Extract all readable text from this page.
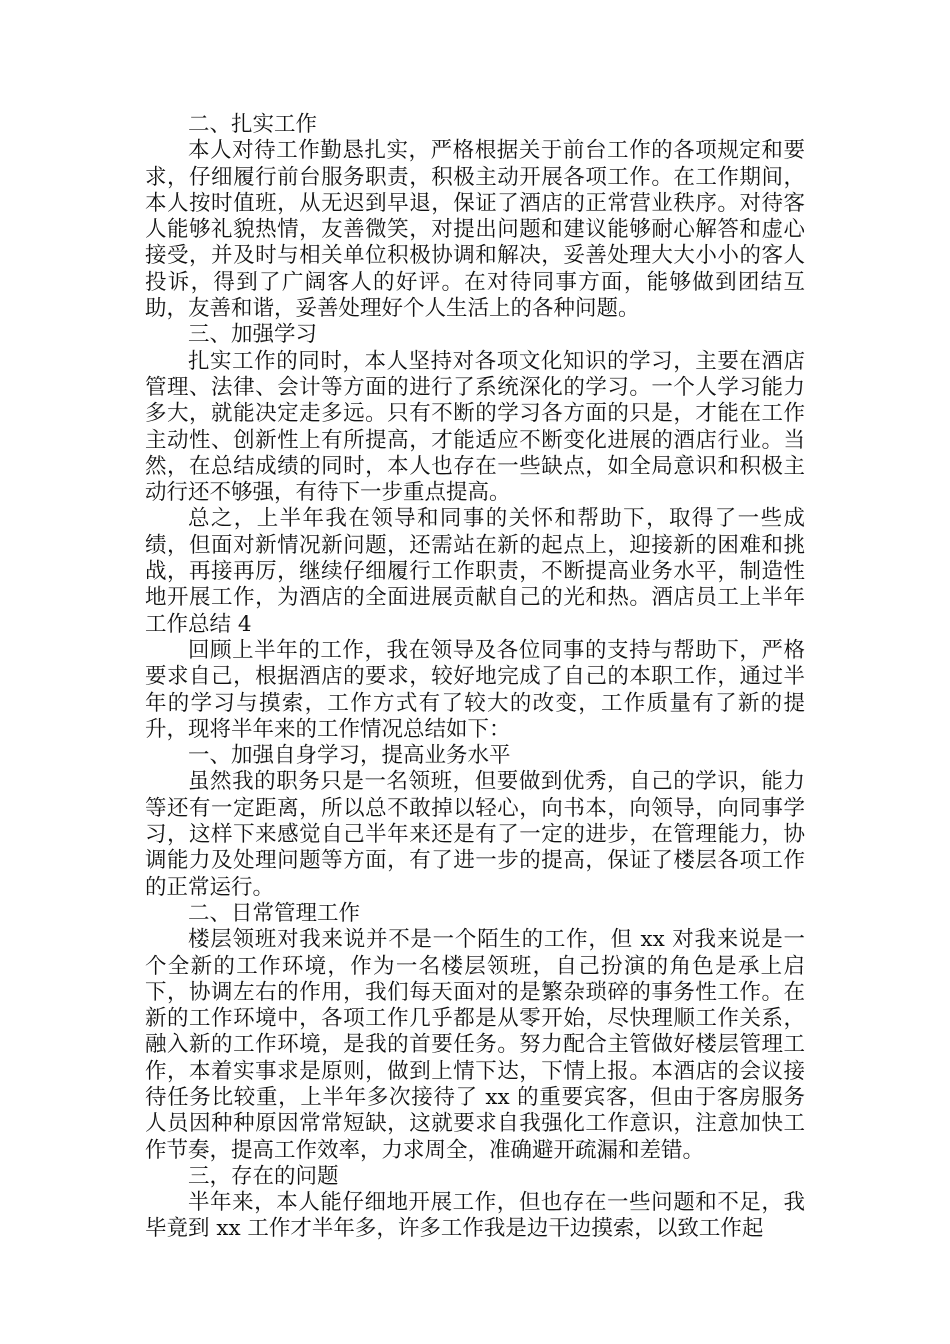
二、扎实工作

本人对待工作勤恳扎实，严格根据关于前台工作的各项规定和要求，仔细履行前台服务职责，积极主动开展各项工作。在工作期间，本人按时值班，从无迟到早退，保证了酒店的正常营业秩序。对待客人能够礼貌热情，友善微笑，对提出问题和建议能够耐心解答和虚心接受，并及时与相关单位积极协调和解决，妥善处理大大小小的客人投诉，得到了广阔客人的好评。在对待同事方面，能够做到团结互助，友善和谐，妥善处理好个人生活上的各种问题。

三、加强学习

扎实工作的同时，本人坚持对各项文化知识的学习，主要在酒店管理、法律、会计等方面的进行了系统深化的学习。一个人学习能力多大，就能决定走多远。只有不断的学习各方面的只是，才能在工作主动性、创新性上有所提高，才能适应不断变化进展的酒店行业。当然，在总结成绩的同时，本人也存在一些缺点，如全局意识和积极主动行还不够强，有待下一步重点提高。

总之，上半年我在领导和同事的关怀和帮助下，取得了一些成绩，但面对新情况新问题，还需站在新的起点上，迎接新的困难和挑战，再接再厉，继续仔细履行工作职责，不断提高业务水平，制造性地开展工作，为酒店的全面进展贡献自己的光和热。酒店员工上半年工作总结 4

回顾上半年的工作，我在领导及各位同事的支持与帮助下，严格要求自己，根据酒店的要求，较好地完成了自己的本职工作，通过半年的学习与摸索，工作方式有了较大的改变，工作质量有了新的提升，现将半年来的工作情况总结如下：

一、加强自身学习，提高业务水平

虽然我的职务只是一名领班，但要做到优秀，自己的学识，能力等还有一定距离，所以总不敢掉以轻心，向书本，向领导，向同事学习，这样下来感觉自己半年来还是有了一定的进步，在管理能力，协调能力及处理问题等方面，有了进一步的提高，保证了楼层各项工作的正常运行。

二、日常管理工作

楼层领班对我来说并不是一个陌生的工作，但 xx 对我来说是一个全新的工作环境，作为一名楼层领班，自己扮演的角色是承上启下，协调左右的作用，我们每天面对的是繁杂琐碎的事务性工作。在新的工作环境中，各项工作几乎都是从零开始，尽快理顺工作关系，融入新的工作环境，是我的首要任务。努力配合主管做好楼层管理工作，本着实事求是原则，做到上情下达，下情上报。本酒店的会议接待任务比较重，上半年多次接待了 xx 的重要宾客，但由于客房服务人员因种种原因常常短缺，这就要求自我强化工作意识，注意加快工作节奏，提高工作效率，力求周全，准确避开疏漏和差错。

三，存在的问题

半年来，本人能仔细地开展工作，但也存在一些问题和不足，我毕竟到 xx 工作才半年多，许多工作我是边干边摸索，以致工作起
